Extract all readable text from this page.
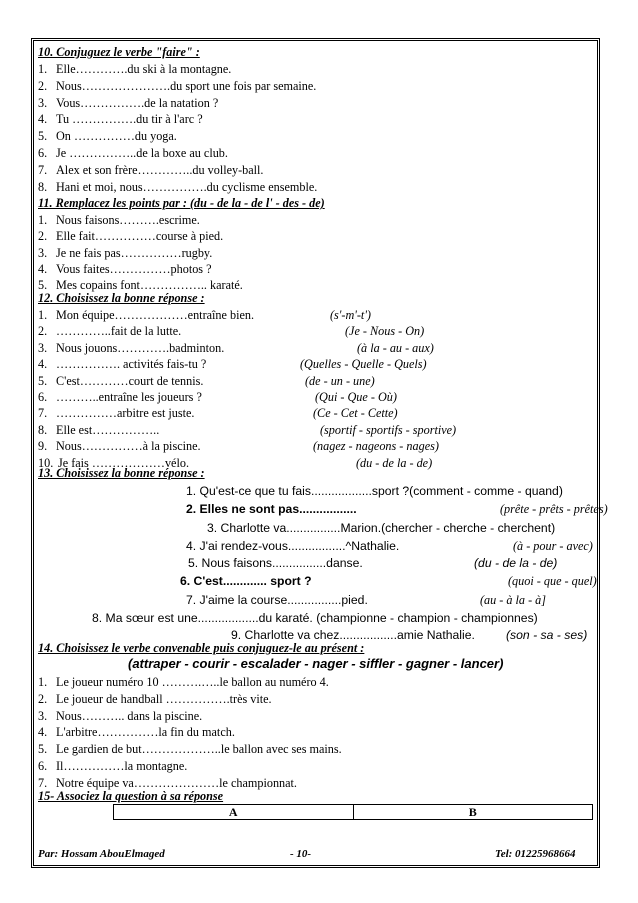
10. Conjuguez le verbe "faire" :
1. Elle………….du ski à la montagne.
2. Nous………………….du sport une fois par semaine.
3. Vous…………….de la natation ?
4. Tu …………….du tir à l'arc ?
5. On ……………du yoga.
6. Je ……………..de la boxe au club.
7. Alex et son frère…………..du volley-ball.
8. Hani et moi, nous…………….du cyclisme ensemble.
11. Remplacez les points par : (du - de la - de l' - des - de)
1. Nous faisons……….escrime.
2. Elle fait……………course à pied.
3. Je ne fais pas……………rugby.
4. Vous faites……………photos ?
5. Mes copains font…………….. karaté.
12. Choisissez la bonne réponse :
1. Mon équipe………………entraîne bien.	(s'-m'-t')
2. …………..fait de la lutte.	(Je - Nous - On)
3. Nous jouons………….badminton.	(à la - au - aux)
4. ……………. activités fais-tu ?	(Quelles - Quelle - Quels)
5. C'est…………court de tennis.	(de - un - une)
6. ………..entraîne les joueurs ?	(Qui - Que - Où)
7. ……………arbitre est juste.	(Ce - Cet - Cette)
8. Elle est……………..	(sportif - sportifs - sportive)
9. Nous……………à la piscine.	(nagez - nageons - nages)
10. Je fais ………………vélo.	(du - de la - de)
13. Choisissez la bonne réponse :
1. Qu'est-ce que tu fais..................sport ?(comment - comme - quand)
2. Elles ne sont pas.................	(prête - prêts - prêtes)
3. Charlotte va................Marion.(chercher - cherche - cherchent)
4. J'ai rendez-vous.................^Nathalie.	(à - pour - avec)
5. Nous faisons................danse.	(du - de la - de)
6. C'est............. sport ?	(quoi - que - quel)
7. J'aime la course................pied.	(au - à la - à]
8. Ma sœur est une..................du karaté. (championne - champion - championnes)
9. Charlotte va chez.................amie Nathalie.	(son - sa - ses)
14. Choisissez le verbe convenable puis conjuguez-le au présent :
(attraper - courir - escalader - nager - siffler - gagner - lancer)
1. Le joueur numéro 10 ……….…..le ballon au numéro 4.
2. Le joueur de handball …………….très vite.
3. Nous……….. dans la piscine.
4. L'arbitre……………la fin du match.
5. Le gardien de but………………..le ballon avec ses mains.
6. Il……………la montagne.
7. Notre équipe va…………………le championnat.
15- Associez la question à sa réponse
A	B
Par: Hossam AbouElmaged	- 10-	Tel: 01225968664
